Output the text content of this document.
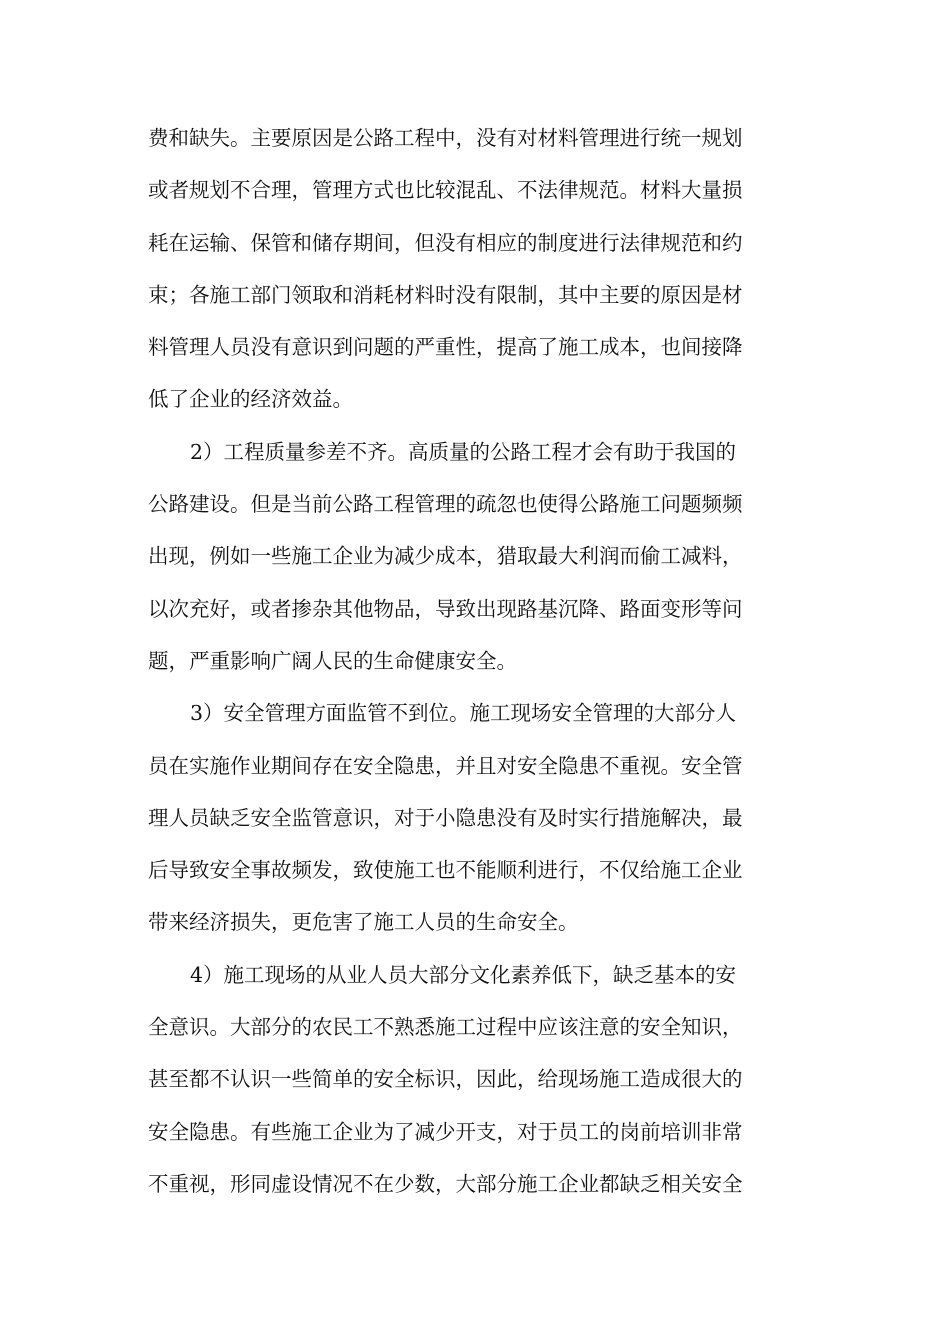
费和缺失。主要原因是公路工程中，没有对材料管理进行统一规划
或者规划不合理，管理方式也比较混乱、不法律规范。材料大量损
耗在运输、保管和储存期间，但没有相应的制度进行法律规范和约
束；各施工部门领取和消耗材料时没有限制，其中主要的原因是材
料管理人员没有意识到问题的严重性，提高了施工成本，也间接降
低了企业的经济效益。
2）工程质量参差不齐。高质量的公路工程才会有助于我国的
公路建设。但是当前公路工程管理的疏忽也使得公路施工问题频频
出现，例如一些施工企业为减少成本，猎取最大利润而偷工减料，
以次充好，或者掺杂其他物品，导致出现路基沉降、路面变形等问
题，严重影响广阔人民的生命健康安全。
3）安全管理方面监管不到位。施工现场安全管理的大部分人
员在实施作业期间存在安全隐患，并且对安全隐患不重视。安全管
理人员缺乏安全监管意识，对于小隐患没有及时实行措施解决，最
后导致安全事故频发，致使施工也不能顺利进行，不仅给施工企业
带来经济损失，更危害了施工人员的生命安全。
4）施工现场的从业人员大部分文化素养低下，缺乏基本的安
全意识。大部分的农民工不熟悉施工过程中应该注意的安全知识，
甚至都不认识一些简单的安全标识，因此，给现场施工造成很大的
安全隐患。有些施工企业为了减少开支，对于员工的岗前培训非常
不重视，形同虚设情况不在少数，大部分施工企业都缺乏相关安全
